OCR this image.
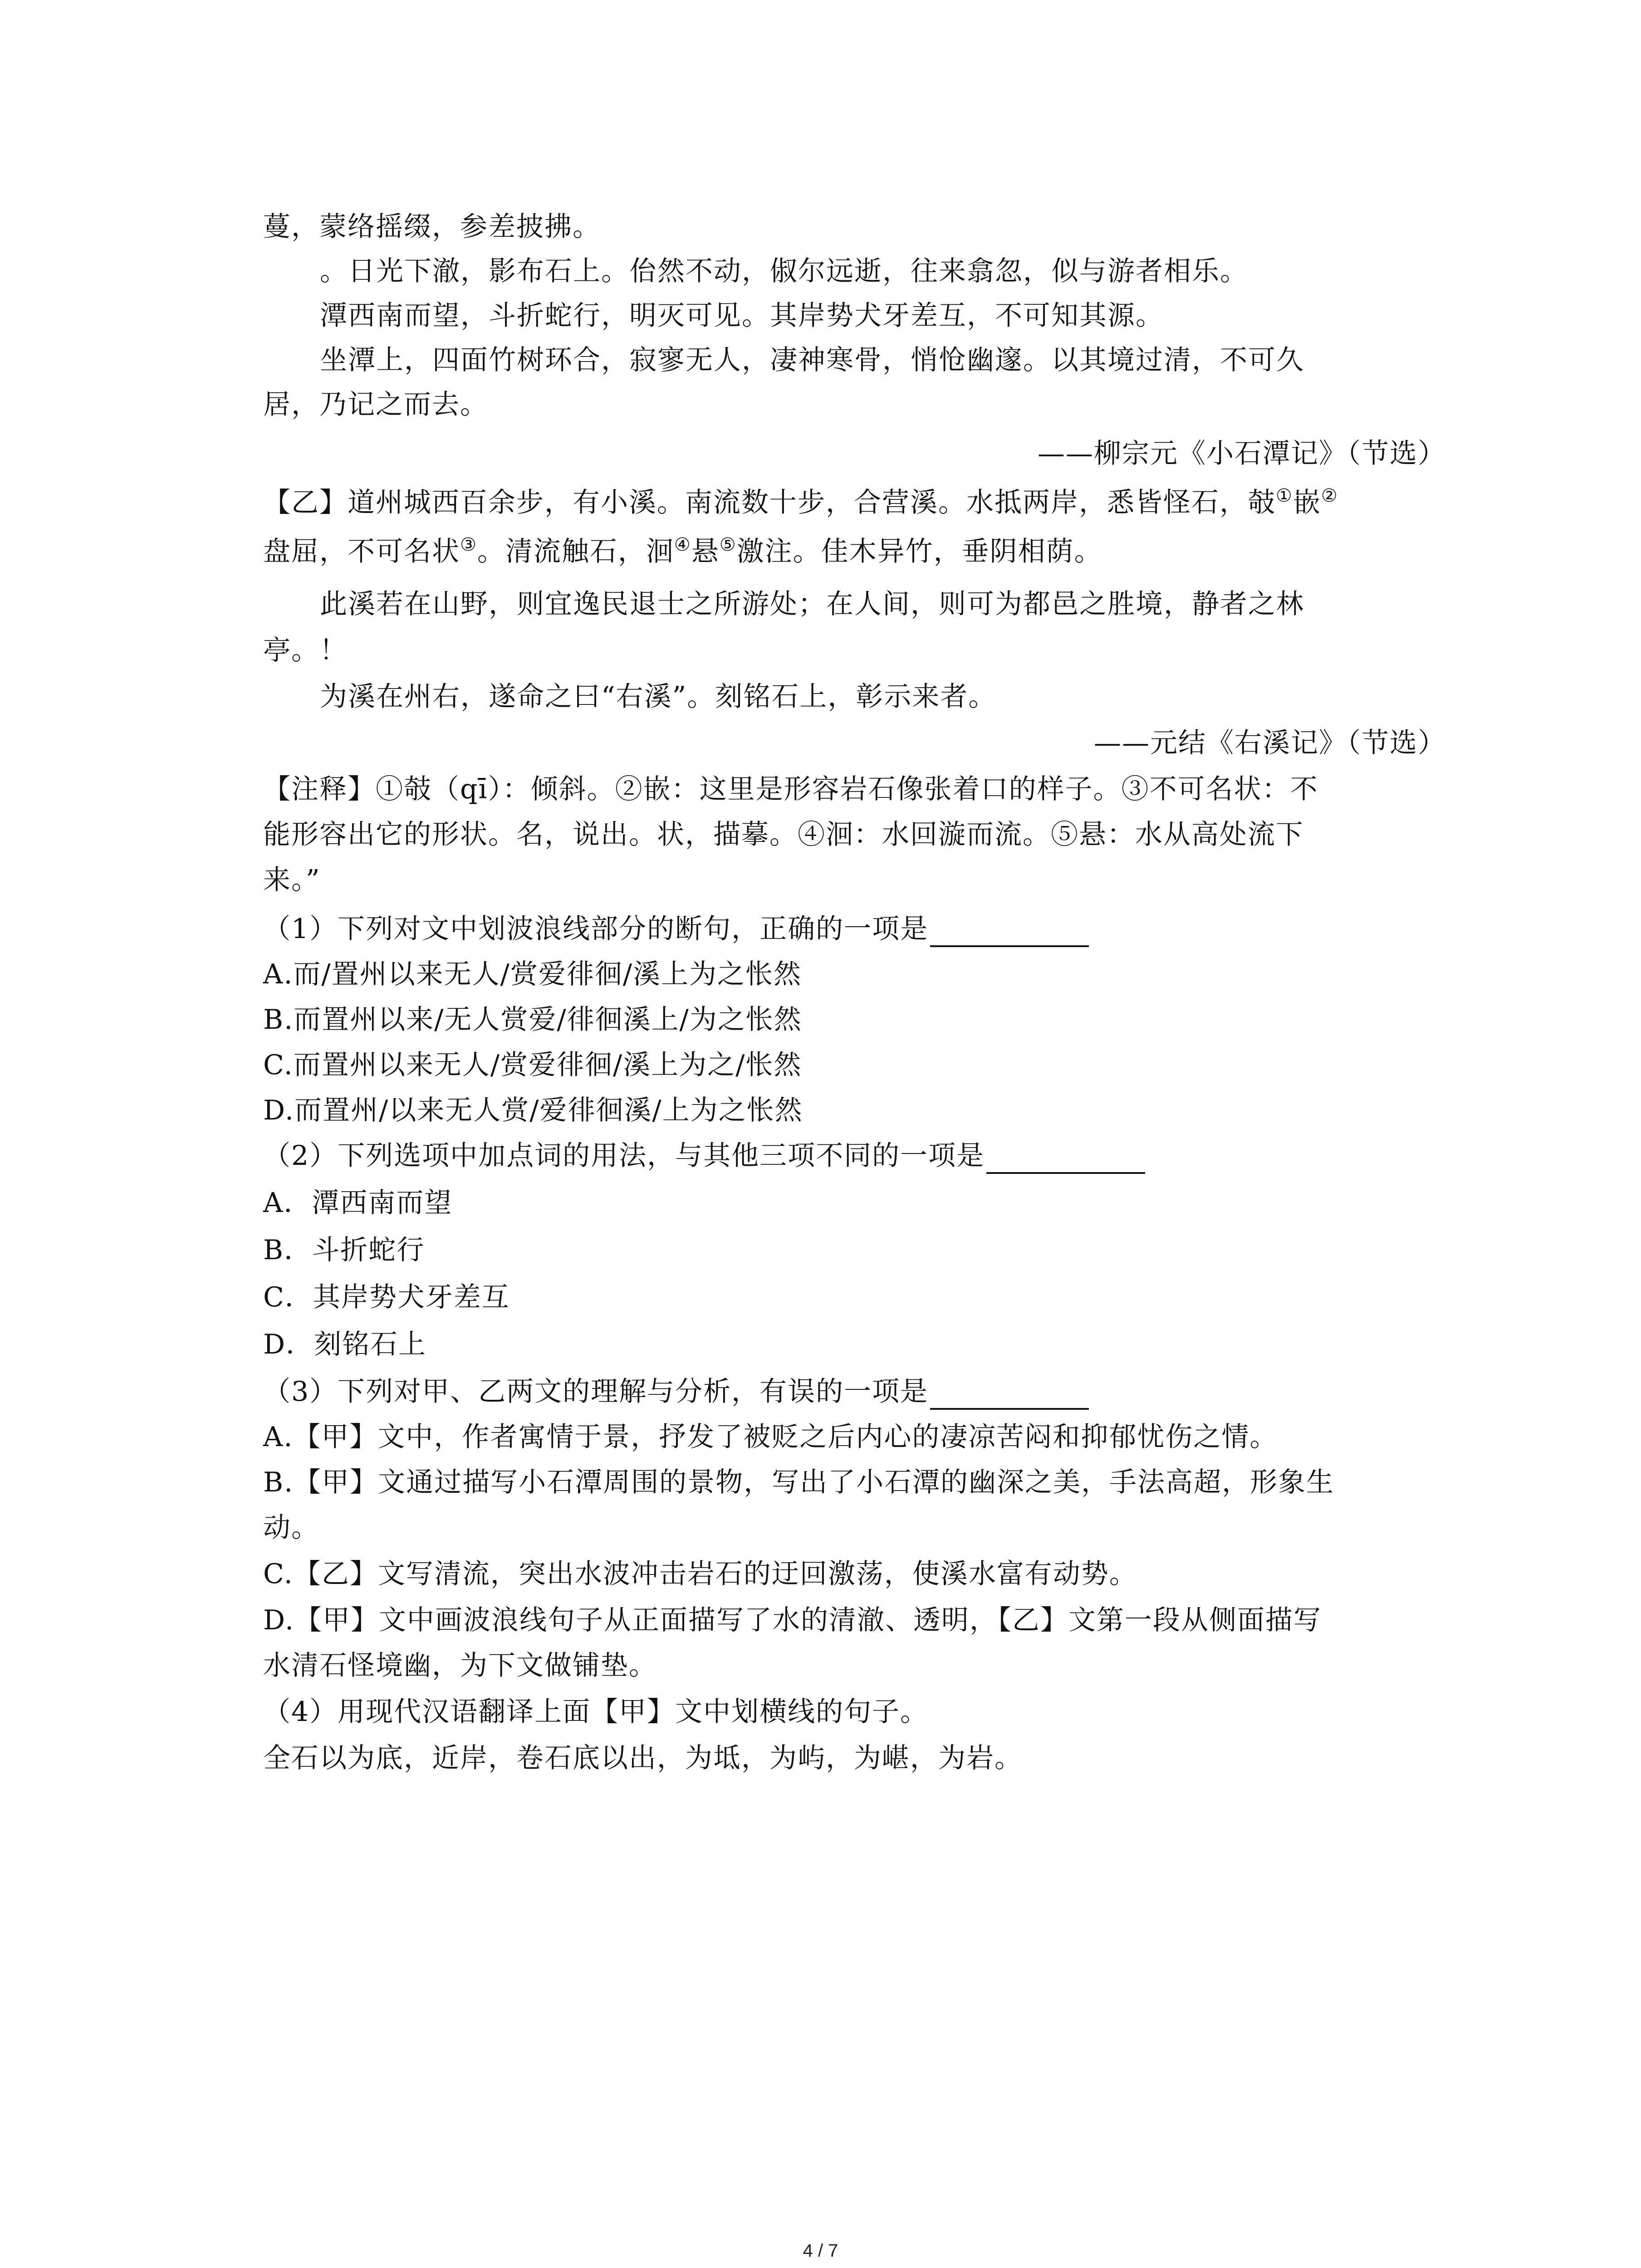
蔓，蒙络摇缀，参差披拂。
。日光下澈，影布石上。佁然不动，俶尔远逝，往来翕忽，似与游者相乐。
潭西南而望，斗折蛇行，明灭可见。其岸势犬牙差互，不可知其源。
坐潭上，四面竹树环合，寂寥无人，凄神寒骨，悄怆幽邃。以其境过清，不可久
居，乃记之而去。
——柳宗元《小石潭记》（节选）
【乙】道州城西百余步，有小溪。南流数十步，合营溪。水抵两岸，悉皆怪石，攲①嵌②
盘屈，不可名状③。清流触石，洄④悬⑤激注。佳木异竹，垂阴相荫。
此溪若在山野，则宜逸民退士之所游处；在人间，则可为都邑之胜境，静者之林
亭。！
为溪在州右，遂命之曰“右溪”。刻铭石上，彰示来者。
——元结《右溪记》（节选）
【注释】①攲（qī）：倾斜。②嵌：这里是形容岩石像张着口的样子。③不可名状：不
能形容出它的形状。名，说出。状，描摹。④洄：水回漩而流。⑤悬：水从高处流下
来。”
（1）下列对文中划波浪线部分的断句，正确的一项是
A.而/置州以来无人/赏爱徘徊/溪上为之怅然
B.而置州以来/无人赏爱/徘徊溪上/为之怅然
C.而置州以来无人/赏爱徘徊/溪上为之/怅然
D.而置州/以来无人赏/爱徘徊溪/上为之怅然
（2）下列选项中加点词的用法，与其他三项不同的一项是
A．潭西南而望
B．斗折蛇行
C．其岸势犬牙差互
D．刻铭石上
（3）下列对甲、乙两文的理解与分析，有误的一项是
A.【甲】文中，作者寓情于景，抒发了被贬之后内心的凄凉苦闷和抑郁忧伤之情。
B.【甲】文通过描写小石潭周围的景物，写出了小石潭的幽深之美，手法高超，形象生
动。
C.【乙】文写清流，突出水波冲击岩石的迂回激荡，使溪水富有动势。
D.【甲】文中画波浪线句子从正面描写了水的清澈、透明，【乙】文第一段从侧面描写
水清石怪境幽，为下文做铺垫。
（4）用现代汉语翻译上面【甲】文中划横线的句子。
全石以为底，近岸，卷石底以出，为坻，为屿，为嵁，为岩。
4 / 7
